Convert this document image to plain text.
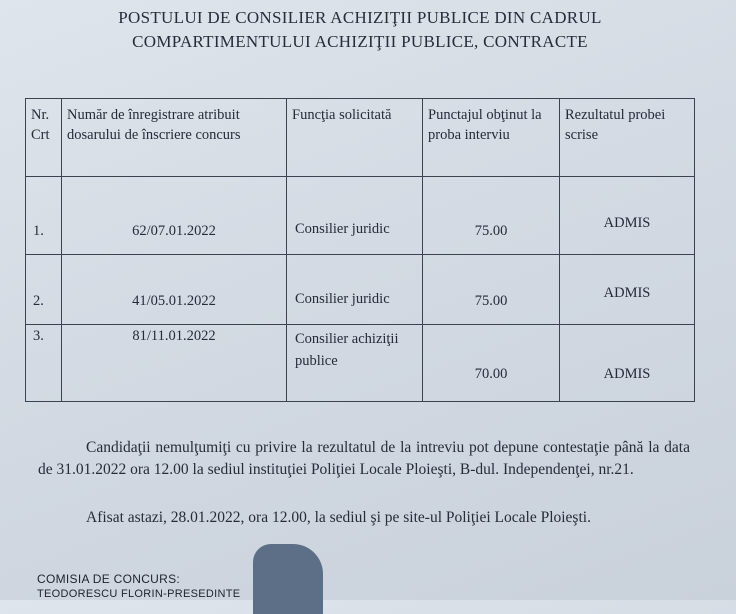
POSTULUI DE CONSILIER ACHIZIŢII PUBLICE DIN CADRUL
COMPARTIMENTULUI ACHIZIŢII PUBLICE, CONTRACTE
Nr. Crt	Număr de înregistrare atribuit dosarului de înscriere concurs	Funcţia solicitată	Punctajul obţinut la proba interviu	Rezultatul probei scrise
1.	62/07.01.2022	Consilier juridic	75.00	ADMIS
2.	41/05.01.2022	Consilier juridic	75.00	ADMIS
3.	81/11.01.2022	Consilier achiziţii publice	70.00	ADMIS
Candidaţii nemulţumiţi cu privire la rezultatul de la intreviu pot depune contestaţie până la data de 31.01.2022 ora 12.00 la sediul instituţiei Poliţiei Locale Ploieşti, B-dul. Independenţei, nr.21.
Afisat astazi, 28.01.2022, ora 12.00, la sediul şi pe site-ul Poliţiei Locale Ploieşti.
COMISIA DE CONCURS:
TEODORESCU FLORIN-PRESEDINTE
